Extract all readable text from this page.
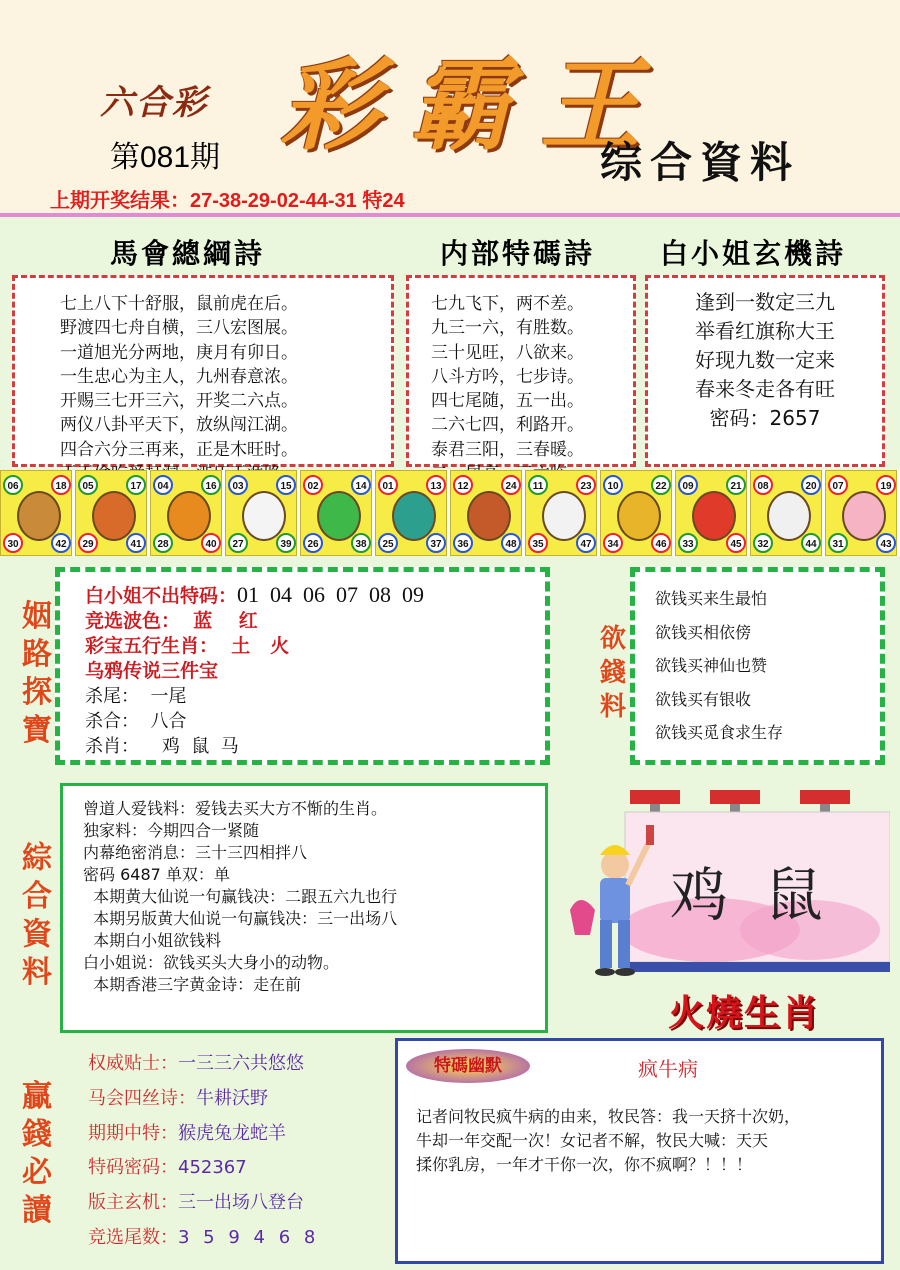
六合彩
第081期 彩霸王
综合資料
上期开奖结果：27-38-29-02-44-31 特24
馬會總綱詩	内部特碼詩 白小姐玄機詩
七上八下十舒服，鼠前虎在后。
野渡四七舟自横，三八宏图展。
一道旭光分两地，庚月有卯日。
一生忠心为主人，九州春意浓。
开赐三七开三六，开奖二六点。
两仪八卦平天下，放纵闯江湖。
四合六分三再来，正是木旺时。
七九飞下，两不差。
九三一六，有胜数。
三十见旺，八欲来。
八斗方吟，七步诗。
四七尾随，五一出。
二六七四，利路开。
泰君三阳，三春暖。
逢到一数定三九
举看红旗称大王
好现九数一定来
春来冬走各有旺
密码：2657
06	18
30	42
05	17
29	41
04	16
28	40
03	15
27	39
02	14
26	38
01	13
25	37
12	24
36	48
11	23
35	47
10	22
34	46
09	21
33	45
08	20
32	44
07	19
31	43
姻
路
探
寶
白小姐不出特码：01  04  06  07  08  09
竞选波色：  蓝    红
彩宝五行生肖：  土   火
乌鸦传说三件宝
杀尾：  一尾
杀合：  八合
杀肖：    鸡  鼠  马
欲
錢
料
欲钱买来生最怕
欲钱买相依傍
欲钱买神仙也赞
欲钱买有银收
欲钱买觅食求生存
綜
合
資
料
曾道人爱钱料：爱钱去买大方不惭的生肖。
独家料：今期四合一紧随
内幕绝密消息：三十三四相拌八
密码 6487 单双：单
本期黄大仙说一句赢钱决：二跟五六九也行
本期另版黄大仙说一句赢钱决：三一出场八
本期白小姐欲钱料
白小姐说：欲钱买头大身小的动物。
本期香港三字黄金诗：走在前
鸡  鼠
火燒生肖
贏
錢
必
讀
权威贴士：一三三六共悠悠
马会四丝诗：牛耕沃野
期期中特：猴虎兔龙蛇羊
特码密码：452367
版主玄机：三一出场八登台
竞选尾数：3 5 9 4 6 8
特碼幽默	疯牛病
记者问牧民疯牛病的由来，牧民答：我一天挤十次奶，
牛却一年交配一次！女记者不解，牧民大喊：天天
揉你乳房，一年才干你一次，你不疯啊？！！！
